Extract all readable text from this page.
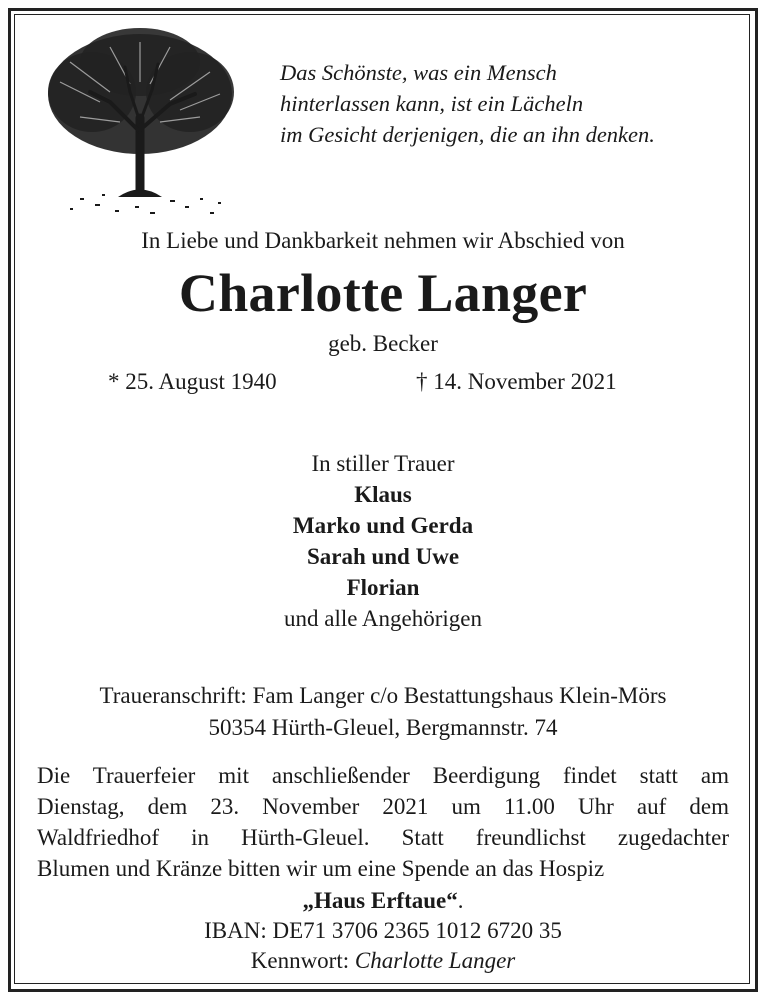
Das Schönste, was ein Mensch
hinterlassen kann, ist ein Lächeln
im Gesicht derjenigen, die an ihn denken.
In Liebe und Dankbarkeit nehmen wir Abschied von
Charlotte Langer
geb. Becker
* 25. August 1940	† 14. November 2021
In stiller Trauer
Klaus
Marko und Gerda
Sarah und Uwe
Florian
und alle Angehörigen
Traueranschrift: Fam Langer c/o Bestattungshaus Klein-Mörs
50354 Hürth-Gleuel, Bergmannstr. 74
Die Trauerfeier mit anschließender Beerdigung findet statt am
Dienstag, dem 23. November 2021 um 11.00 Uhr auf dem
Waldfriedhof in Hürth-Gleuel. Statt freundlichst zugedachter
Blumen und Kränze bitten wir um eine Spende an das Hospiz
„Haus Erftaue“.
IBAN: DE71 3706 2365 1012 6720 35
Kennwort: Charlotte Langer
